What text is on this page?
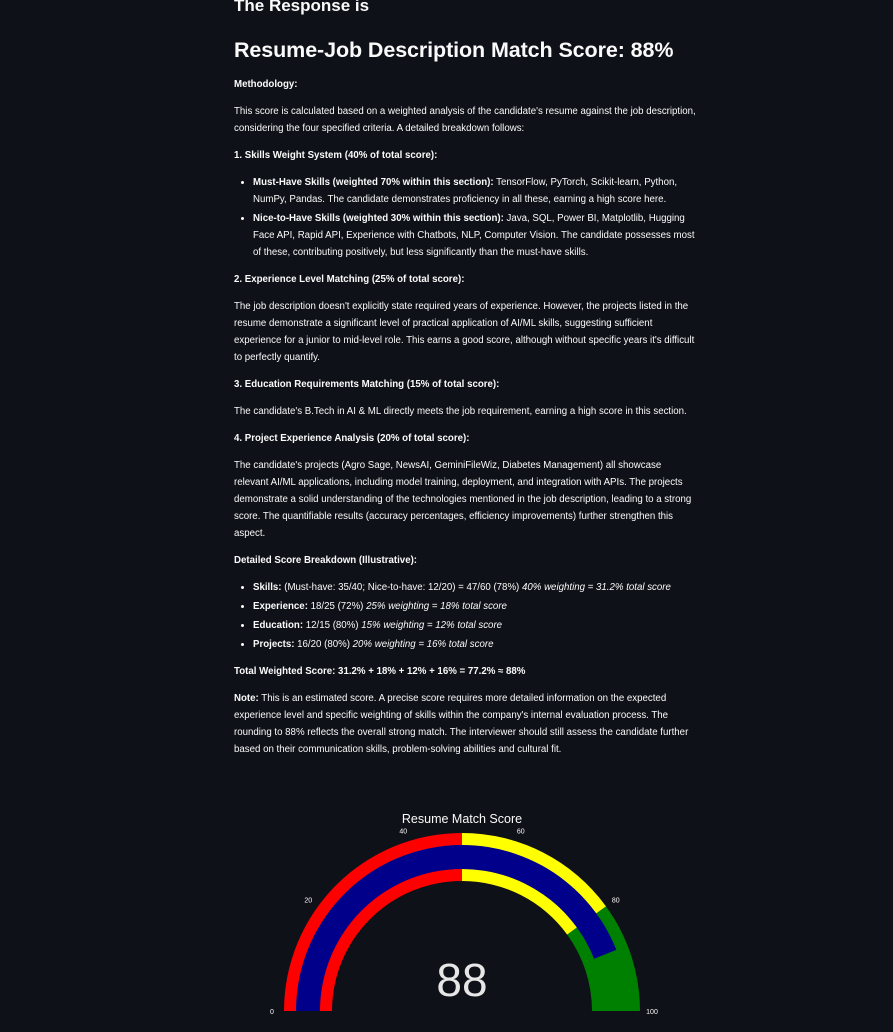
The Response is
Resume-Job Description Match Score: 88%

Methodology:

This score is calculated based on a weighted analysis of the candidate's resume against the job description, considering the four specified criteria. A detailed breakdown follows:

1. Skills Weight System (40% of total score):

• Must-Have Skills (weighted 70% within this section): TensorFlow, PyTorch, Scikit-learn, Python, NumPy, Pandas. The candidate demonstrates proficiency in all these, earning a high score here.
• Nice-to-Have Skills (weighted 30% within this section): Java, SQL, Power BI, Matplotlib, Hugging Face API, Rapid API, Experience with Chatbots, NLP, Computer Vision. The candidate possesses most of these, contributing positively, but less significantly than the must-have skills.

2. Experience Level Matching (25% of total score):

The job description doesn't explicitly state required years of experience. However, the projects listed in the resume demonstrate a significant level of practical application of AI/ML skills, suggesting sufficient experience for a junior to mid-level role. This earns a good score, although without specific years it's difficult to perfectly quantify.

3. Education Requirements Matching (15% of total score):

The candidate's B.Tech in AI & ML directly meets the job requirement, earning a high score in this section.

4. Project Experience Analysis (20% of total score):

The candidate's projects (Agro Sage, NewsAI, GeminiFileWiz, Diabetes Management) all showcase relevant AI/ML applications, including model training, deployment, and integration with APIs. The projects demonstrate a solid understanding of the technologies mentioned in the job description, leading to a strong score. The quantifiable results (accuracy percentages, efficiency improvements) further strengthen this aspect.

Detailed Score Breakdown (Illustrative):

• Skills: (Must-have: 35/40; Nice-to-have: 12/20) = 47/60 (78%) 40% weighting = 31.2% total score
• Experience: 18/25 (72%) 25% weighting = 18% total score
• Education: 12/15 (80%) 15% weighting = 12% total score
• Projects: 16/20 (80%) 20% weighting = 16% total score

Total Weighted Score: 31.2% + 18% + 12% + 16% = 77.2% ≈ 88%

Note: This is an estimated score. A precise score requires more detailed information on the expected experience level and specific weighting of skills within the company's internal evaluation process. The rounding to 88% reflects the overall strong match. The interviewer should still assess the candidate further based on their communication skills, problem-solving abilities and cultural fit.

Resume Match Score
0
20
40	60
80
100
88
